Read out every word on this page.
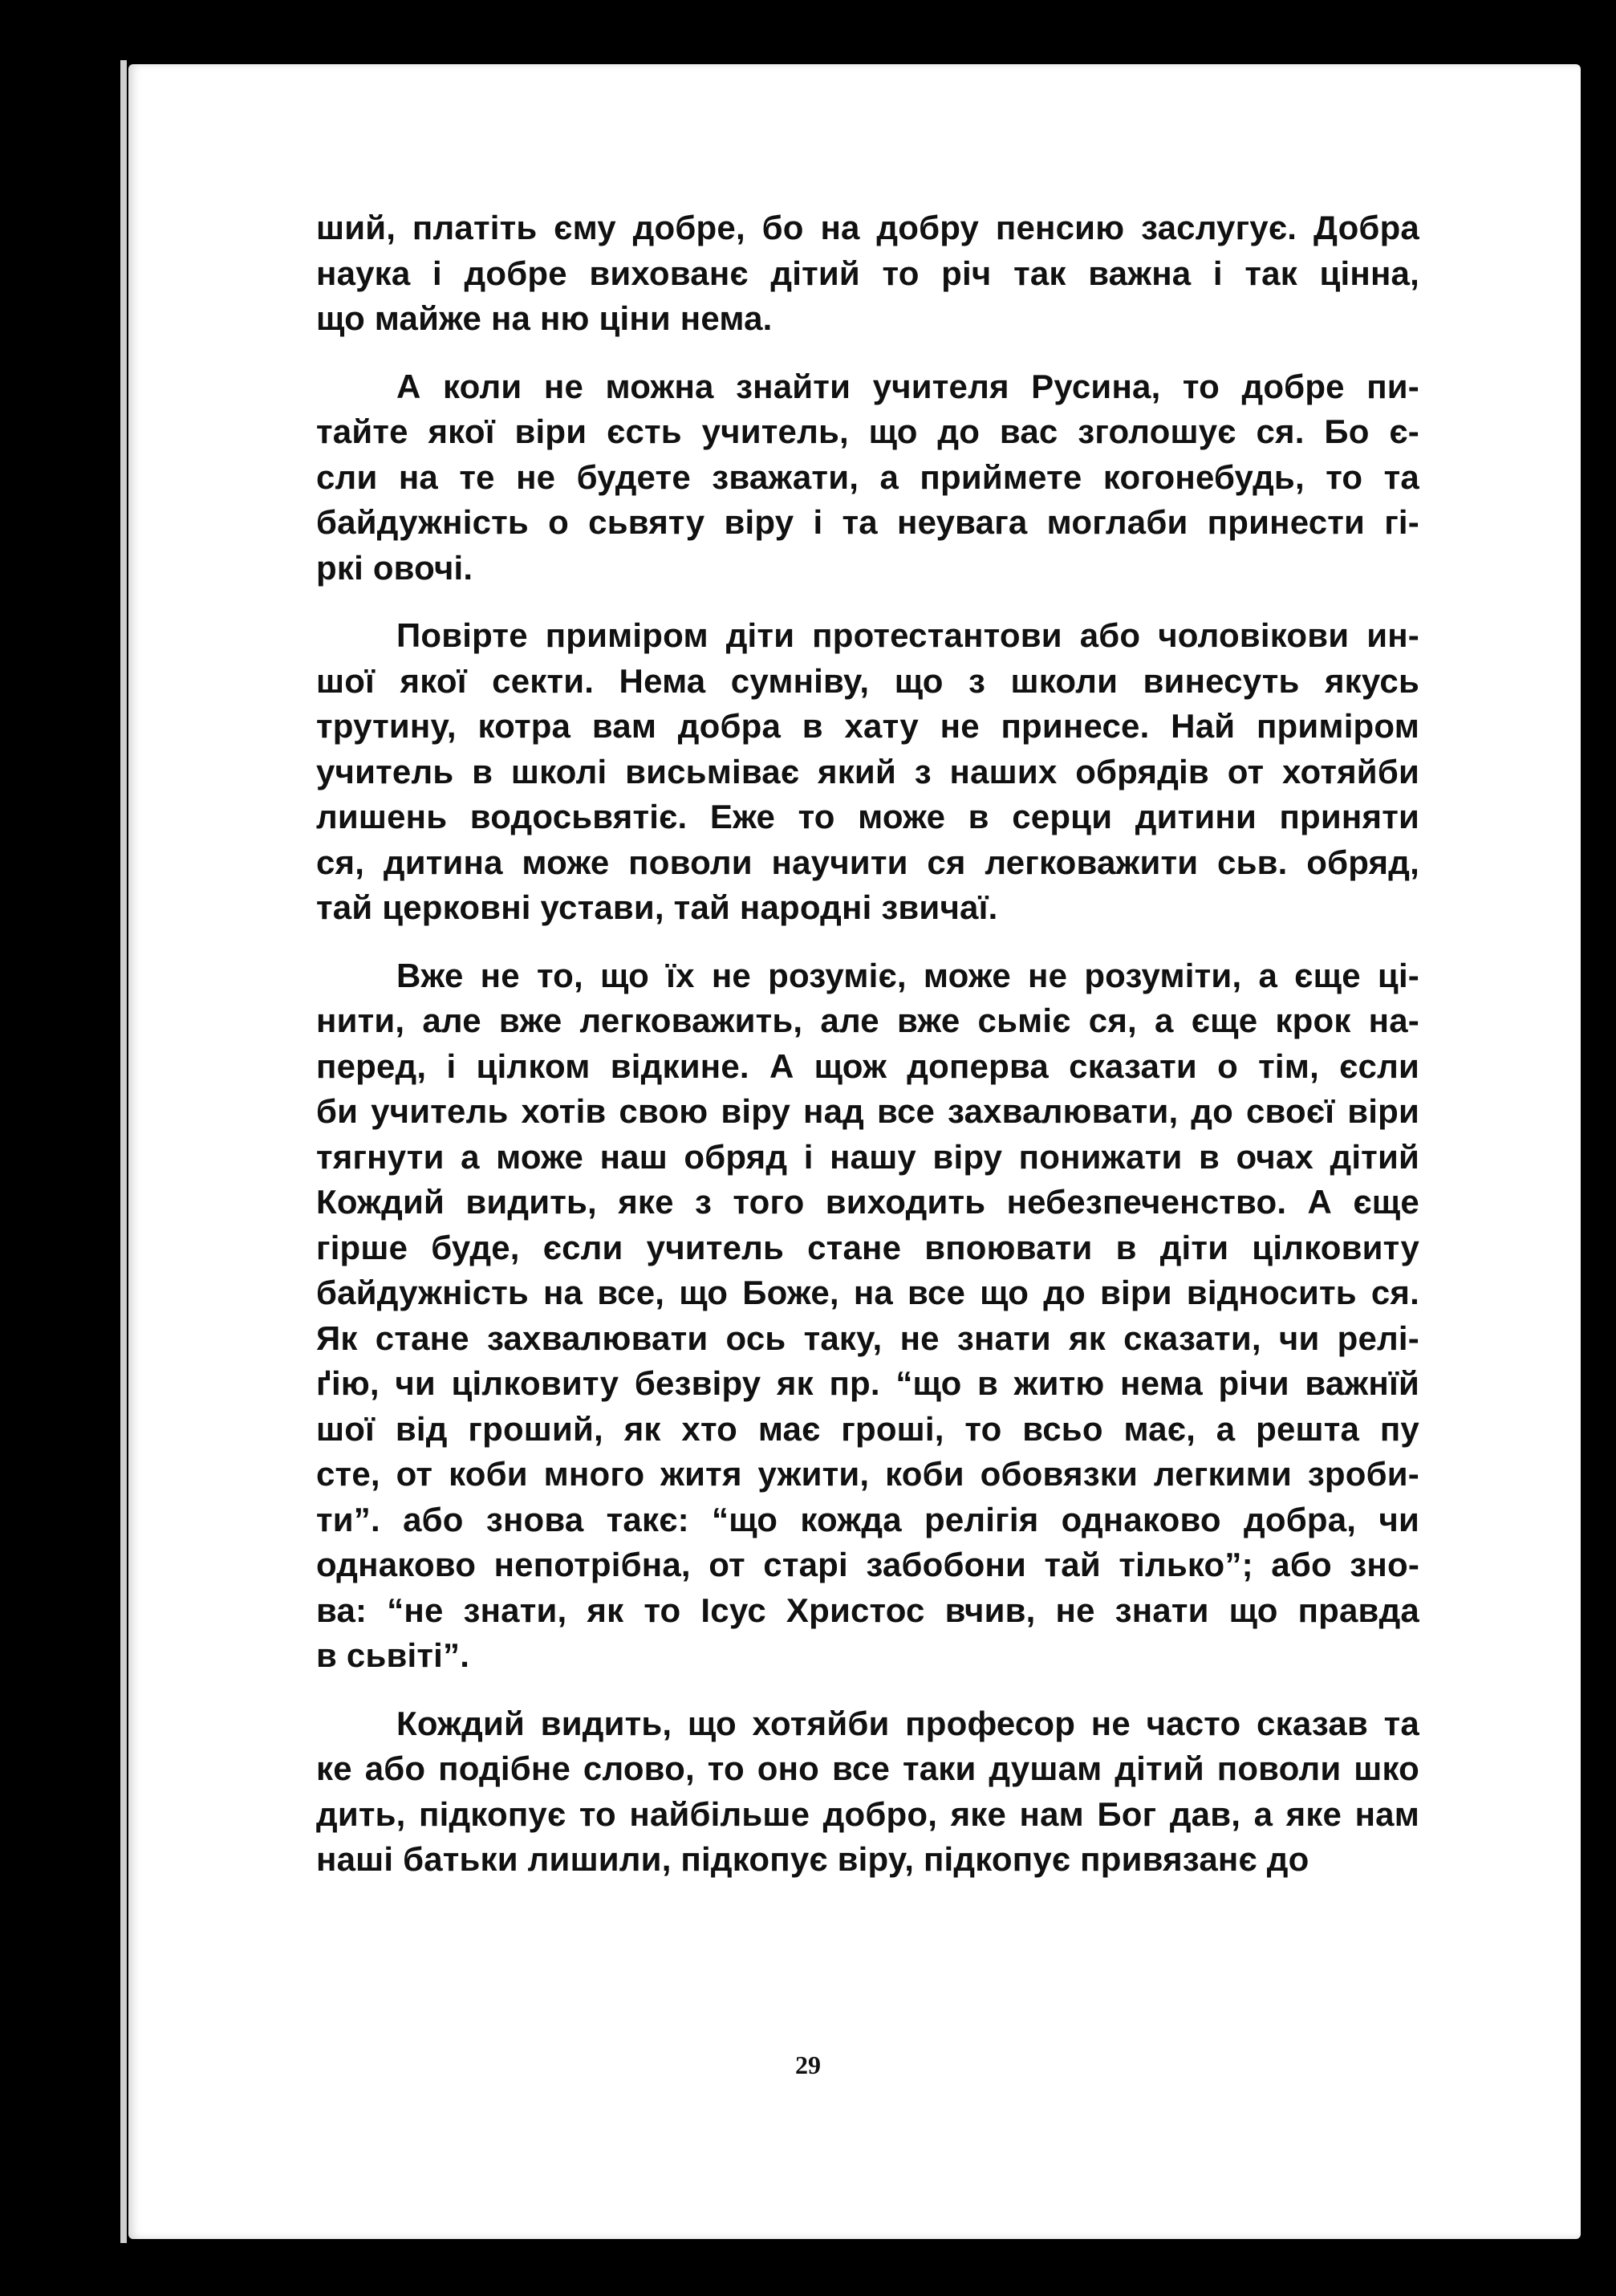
ший, платіть єму добре, бо на добру пенсию заслугує. Добра
наука і добре вихованє дітий то річ так важна і так цінна,
що майже на ню ціни нема.
А коли не можна знайти учителя Русина, то добре пи-
тайте якої віри єсть учитель, що до вас зголошує ся. Бо є-
сли на те не будете зважати, а приймете когонебудь, то та
байдужність о сьвяту віру і та неувага моглаби принести гі-
ркі овочі.
Повірте приміром діти протестантови або чоловікови ин-
шої якої секти. Нема сумніву, що з школи винесуть якусь
трутину, котра вам добра в хату не принесе. Най приміром
учитель в школі висьміває який з наших обрядів от хотяйби
лишень водосьвятіє. Еже то може в серци дитини приняти
ся, дитина може поволи научити ся легковажити сьв. обряд,
тай церковні устави, тай народні звичаї.
Вже не то, що їх не розуміє, може не розуміти, а єще ці-
нити, але вже легковажить, але вже сьміє ся, а єще крок на-
перед, і цілком відкине. А щож доперва сказати о тім, єсли
би учитель хотів свою віру над все захвалювати, до своєї віри
тягнути а може наш обряд і нашу віру понижати в очах дітий
Кождий видить, яке з того виходить небезпеченство. А єще
гірше буде, єсли учитель стане впоювати в діти цілковиту
байдужність на все, що Боже, на все що до віри відносить ся.
Як стане захвалювати ось таку, не знати як сказати, чи релі-
ґію, чи цілковиту безвіру як пр. “що в житю нема річи важнїй
шої від гроший, як хто має гроші, то всьо має, а решта пу
сте, от коби много житя ужити, коби обовязки легкими зроби-
ти”. або знова такє: “що кожда релігія однаково добра, чи
однаково непотрібна, от старі забобони тай тілько”; або зно-
ва: “не знати, як то Ісус Христос вчив, не знати що правда
в сьвіті”.
Кождий видить, що хотяйби професор не часто сказав та
ке або подібне слово, то оно все таки душам дітий поволи шко
дить, підкопує то найбільше добро, яке нам Бог дав, а яке нам
наші батьки лишили, підкопує віру, підкопує привязанє до
29
